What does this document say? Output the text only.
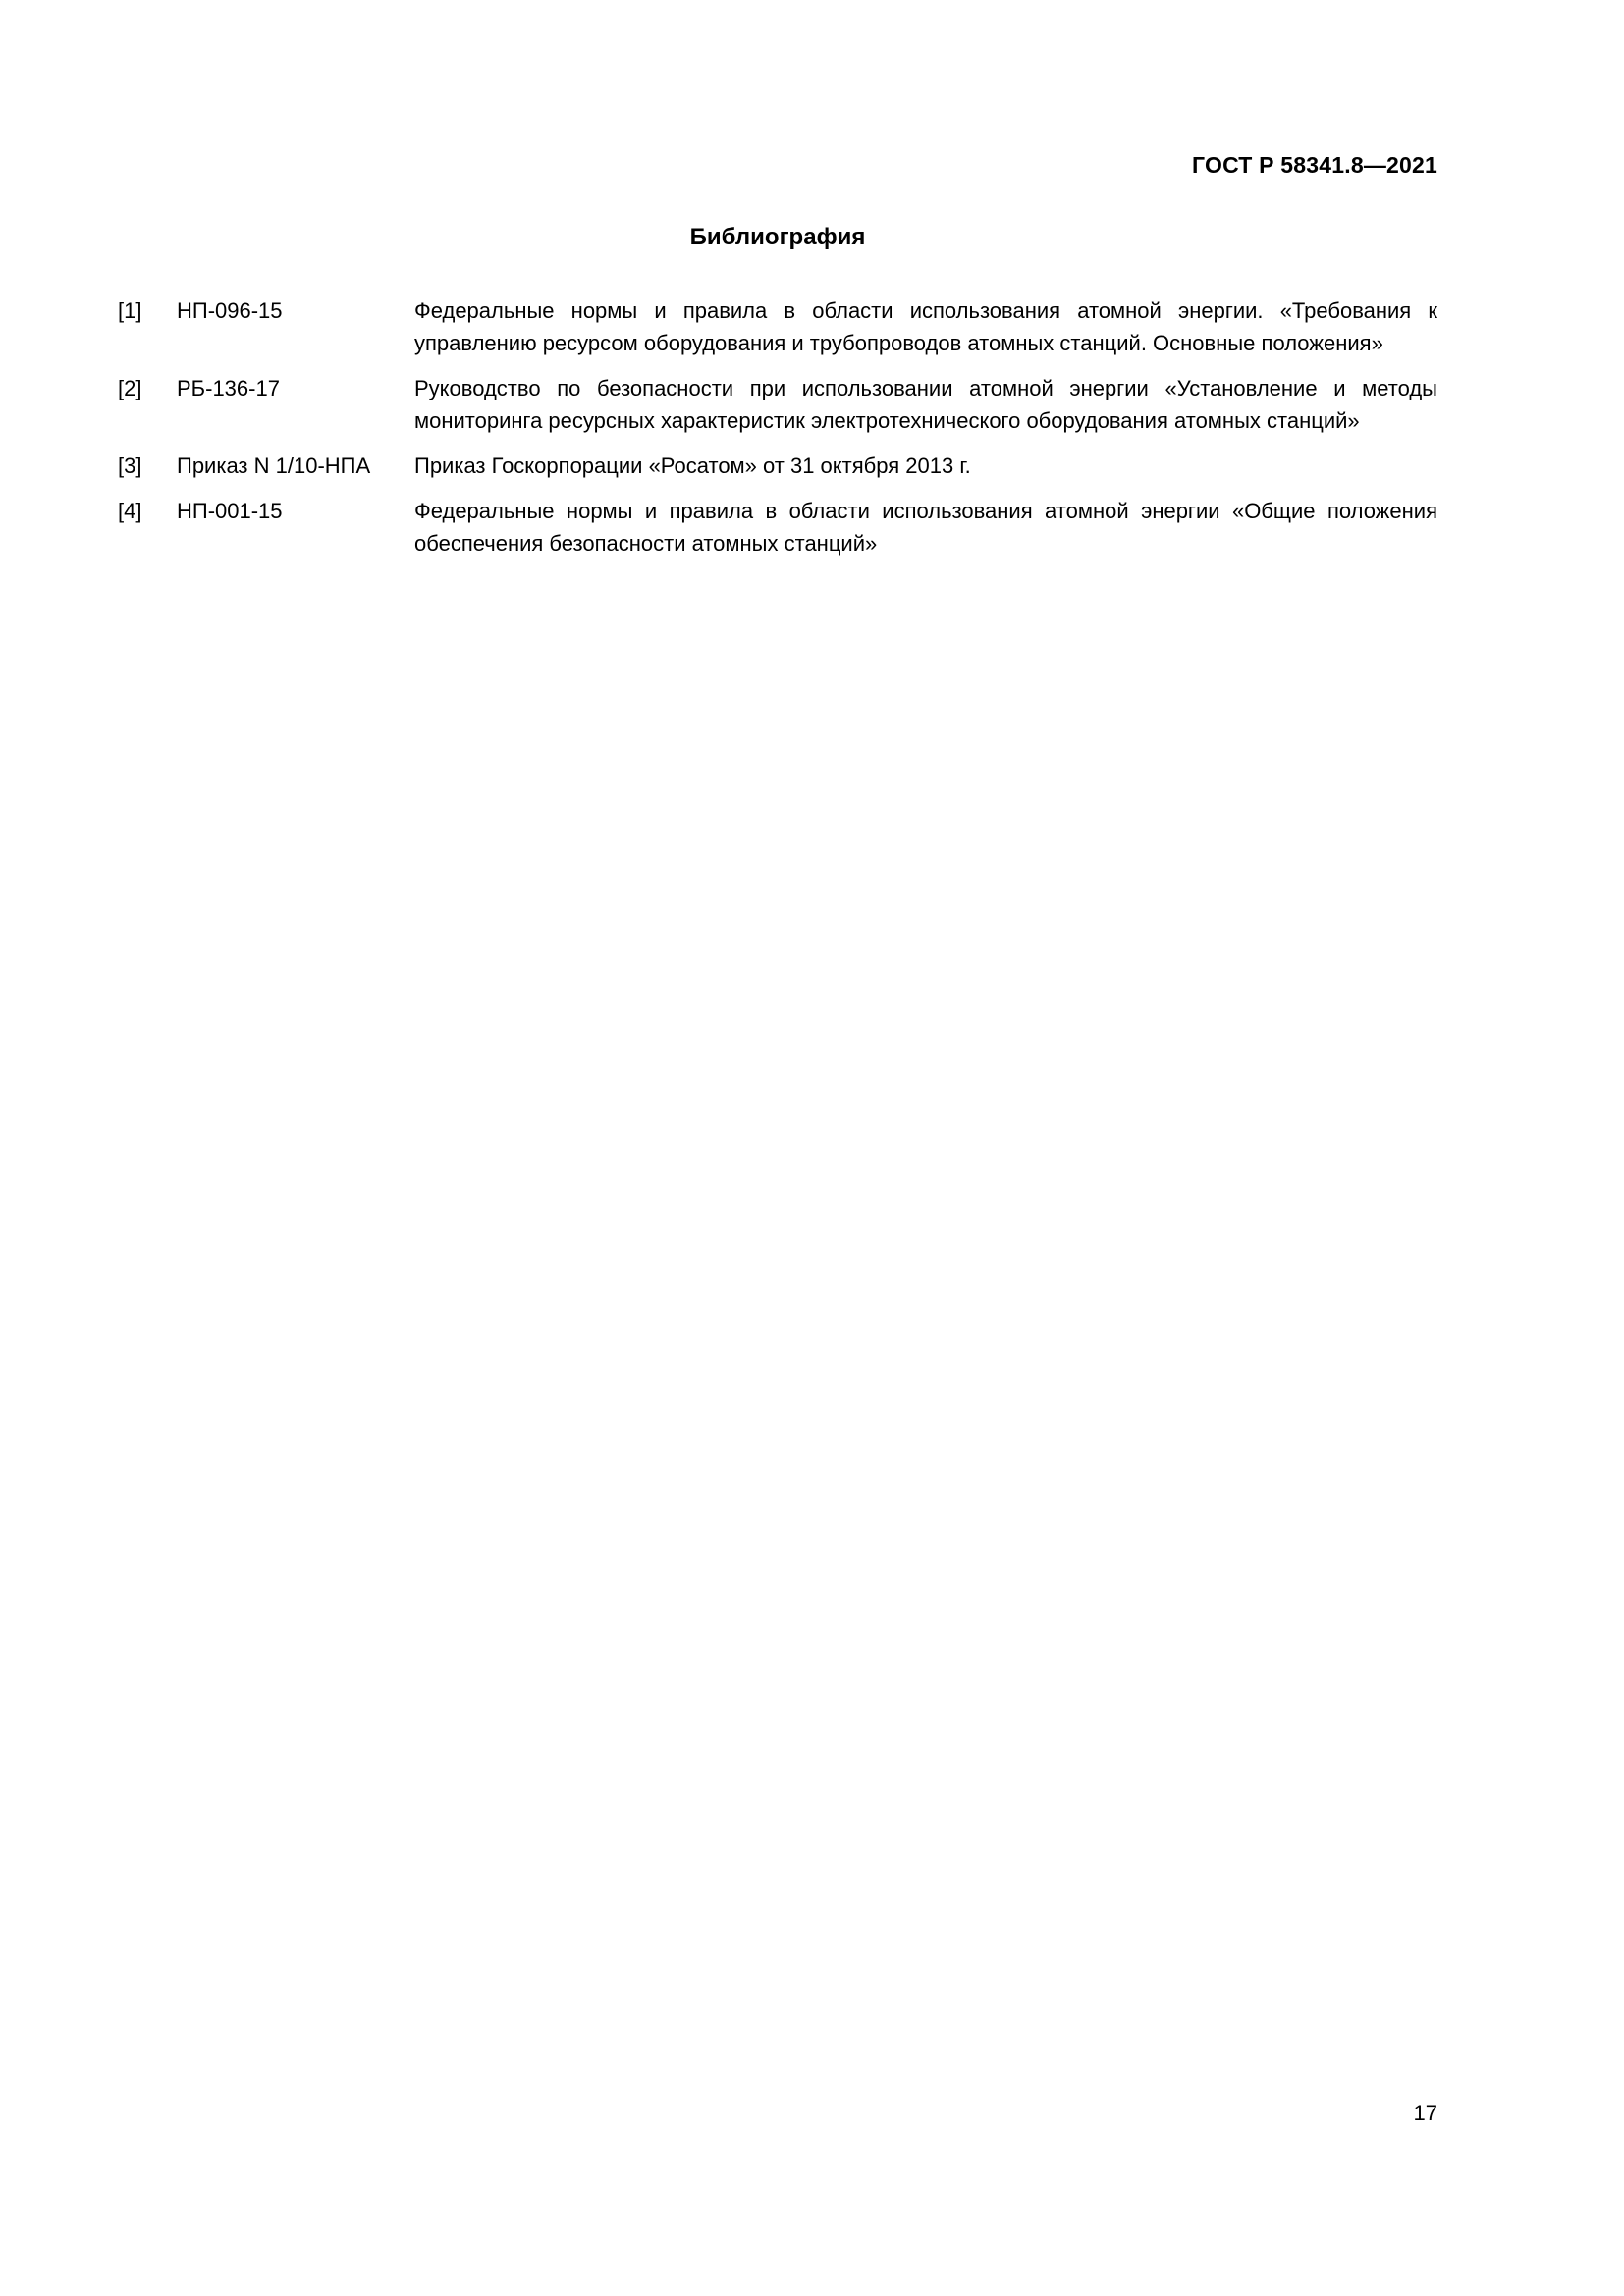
ГОСТ Р 58341.8—2021
Библиография
[1]	НП-096-15	Федеральные нормы и правила в области использования атомной энергии. «Требования к управлению ресурсом оборудования и трубопроводов атомных станций. Основные положения»
[2]	РБ-136-17	Руководство по безопасности при использовании атомной энергии «Установление и методы мониторинга ресурсных характеристик электротехнического оборудования атомных станций»
[3]	Приказ N 1/10-НПА	Приказ Госкорпорации «Росатом» от 31 октября 2013 г.
[4]	НП-001-15	Федеральные нормы и правила в области использования атомной энергии «Общие положения обеспечения безопасности атомных станций»
17
